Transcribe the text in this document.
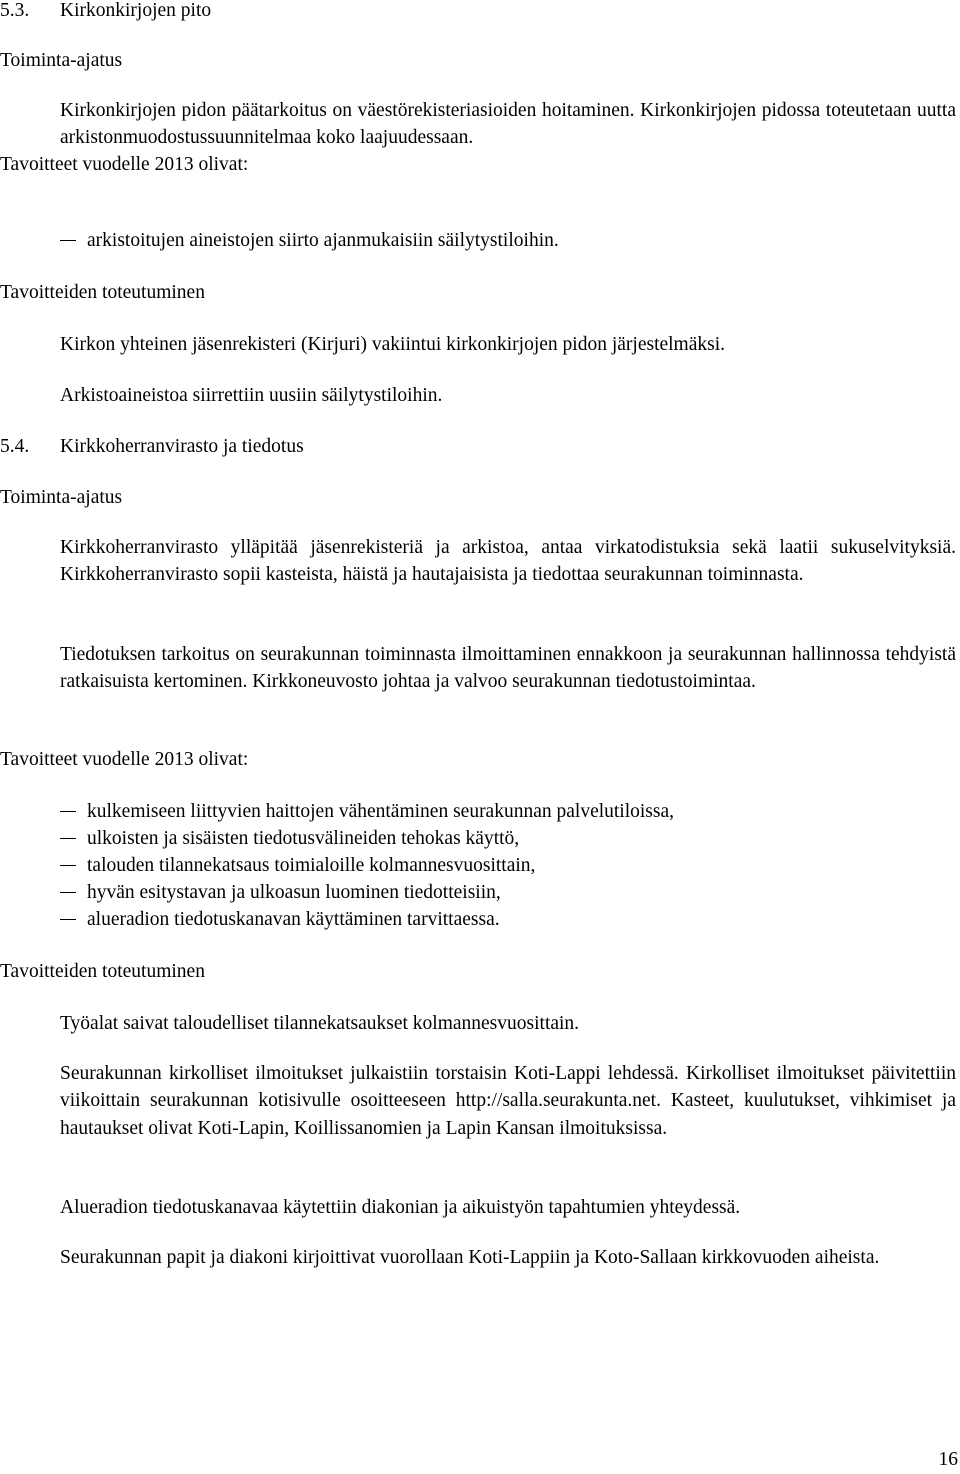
5.3. Kirkonkirjojen pito
Toiminta-ajatus
Kirkonkirjojen pidon päätarkoitus on väestörekisteriasioiden hoitaminen. Kirkonkirjojen pidossa toteutetaan uutta arkistonmuodostussuunnitelmaa koko laajuudessaan.
Tavoitteet vuodelle 2013 olivat:
arkistoitujen aineistojen siirto ajanmukaisiin säilytystiloihin.
Tavoitteiden toteutuminen
Kirkon yhteinen jäsenrekisteri (Kirjuri) vakiintui kirkonkirjojen pidon järjestelmäksi.
Arkistoaineistoa siirrettiin uusiin säilytystiloihin.
5.4. Kirkkoherranvirasto ja tiedotus
Toiminta-ajatus
Kirkkoherranvirasto ylläpitää jäsenrekisteriä ja arkistoa, antaa virkatodistuksia sekä laatii sukuselvityksiä. Kirkkoherranvirasto sopii kasteista, häistä ja hautajaisista ja tiedottaa seurakunnan toiminnasta.
Tiedotuksen tarkoitus on seurakunnan toiminnasta ilmoittaminen ennakkoon ja seurakunnan hallinnossa tehdyistä ratkaisuista kertominen. Kirkkoneuvosto johtaa ja valvoo seurakunnan tiedotustoimintaa.
Tavoitteet vuodelle 2013 olivat:
kulkemiseen liittyvien haittojen vähentäminen seurakunnan palvelutiloissa,
ulkoisten ja sisäisten tiedotusvälineiden tehokas käyttö,
talouden tilannekatsaus toimialoille kolmannesvuosittain,
hyvän esitystavan ja ulkoasun luominen tiedotteisiin,
alueradion tiedotuskanavan käyttäminen tarvittaessa.
Tavoitteiden toteutuminen
Työalat saivat taloudelliset tilannekatsaukset kolmannesvuosittain.
Seurakunnan kirkolliset ilmoitukset julkaistiin torstaisin Koti-Lappi lehdessä. Kirkolliset ilmoitukset päivitettiin viikoittain seurakunnan kotisivulle osoitteeseen http://salla.seurakunta.net. Kasteet, kuulutukset, vihkimiset ja hautaukset olivat Koti-Lapin, Koillissanomien ja Lapin Kansan ilmoituksissa.
Alueradion tiedotuskanavaa käytettiin diakonian ja aikuistyön tapahtumien yhteydessä.
Seurakunnan papit ja diakoni kirjoittivat vuorollaan Koti-Lappiin ja Koto-Sallaan kirkkovuoden aiheista.
16
